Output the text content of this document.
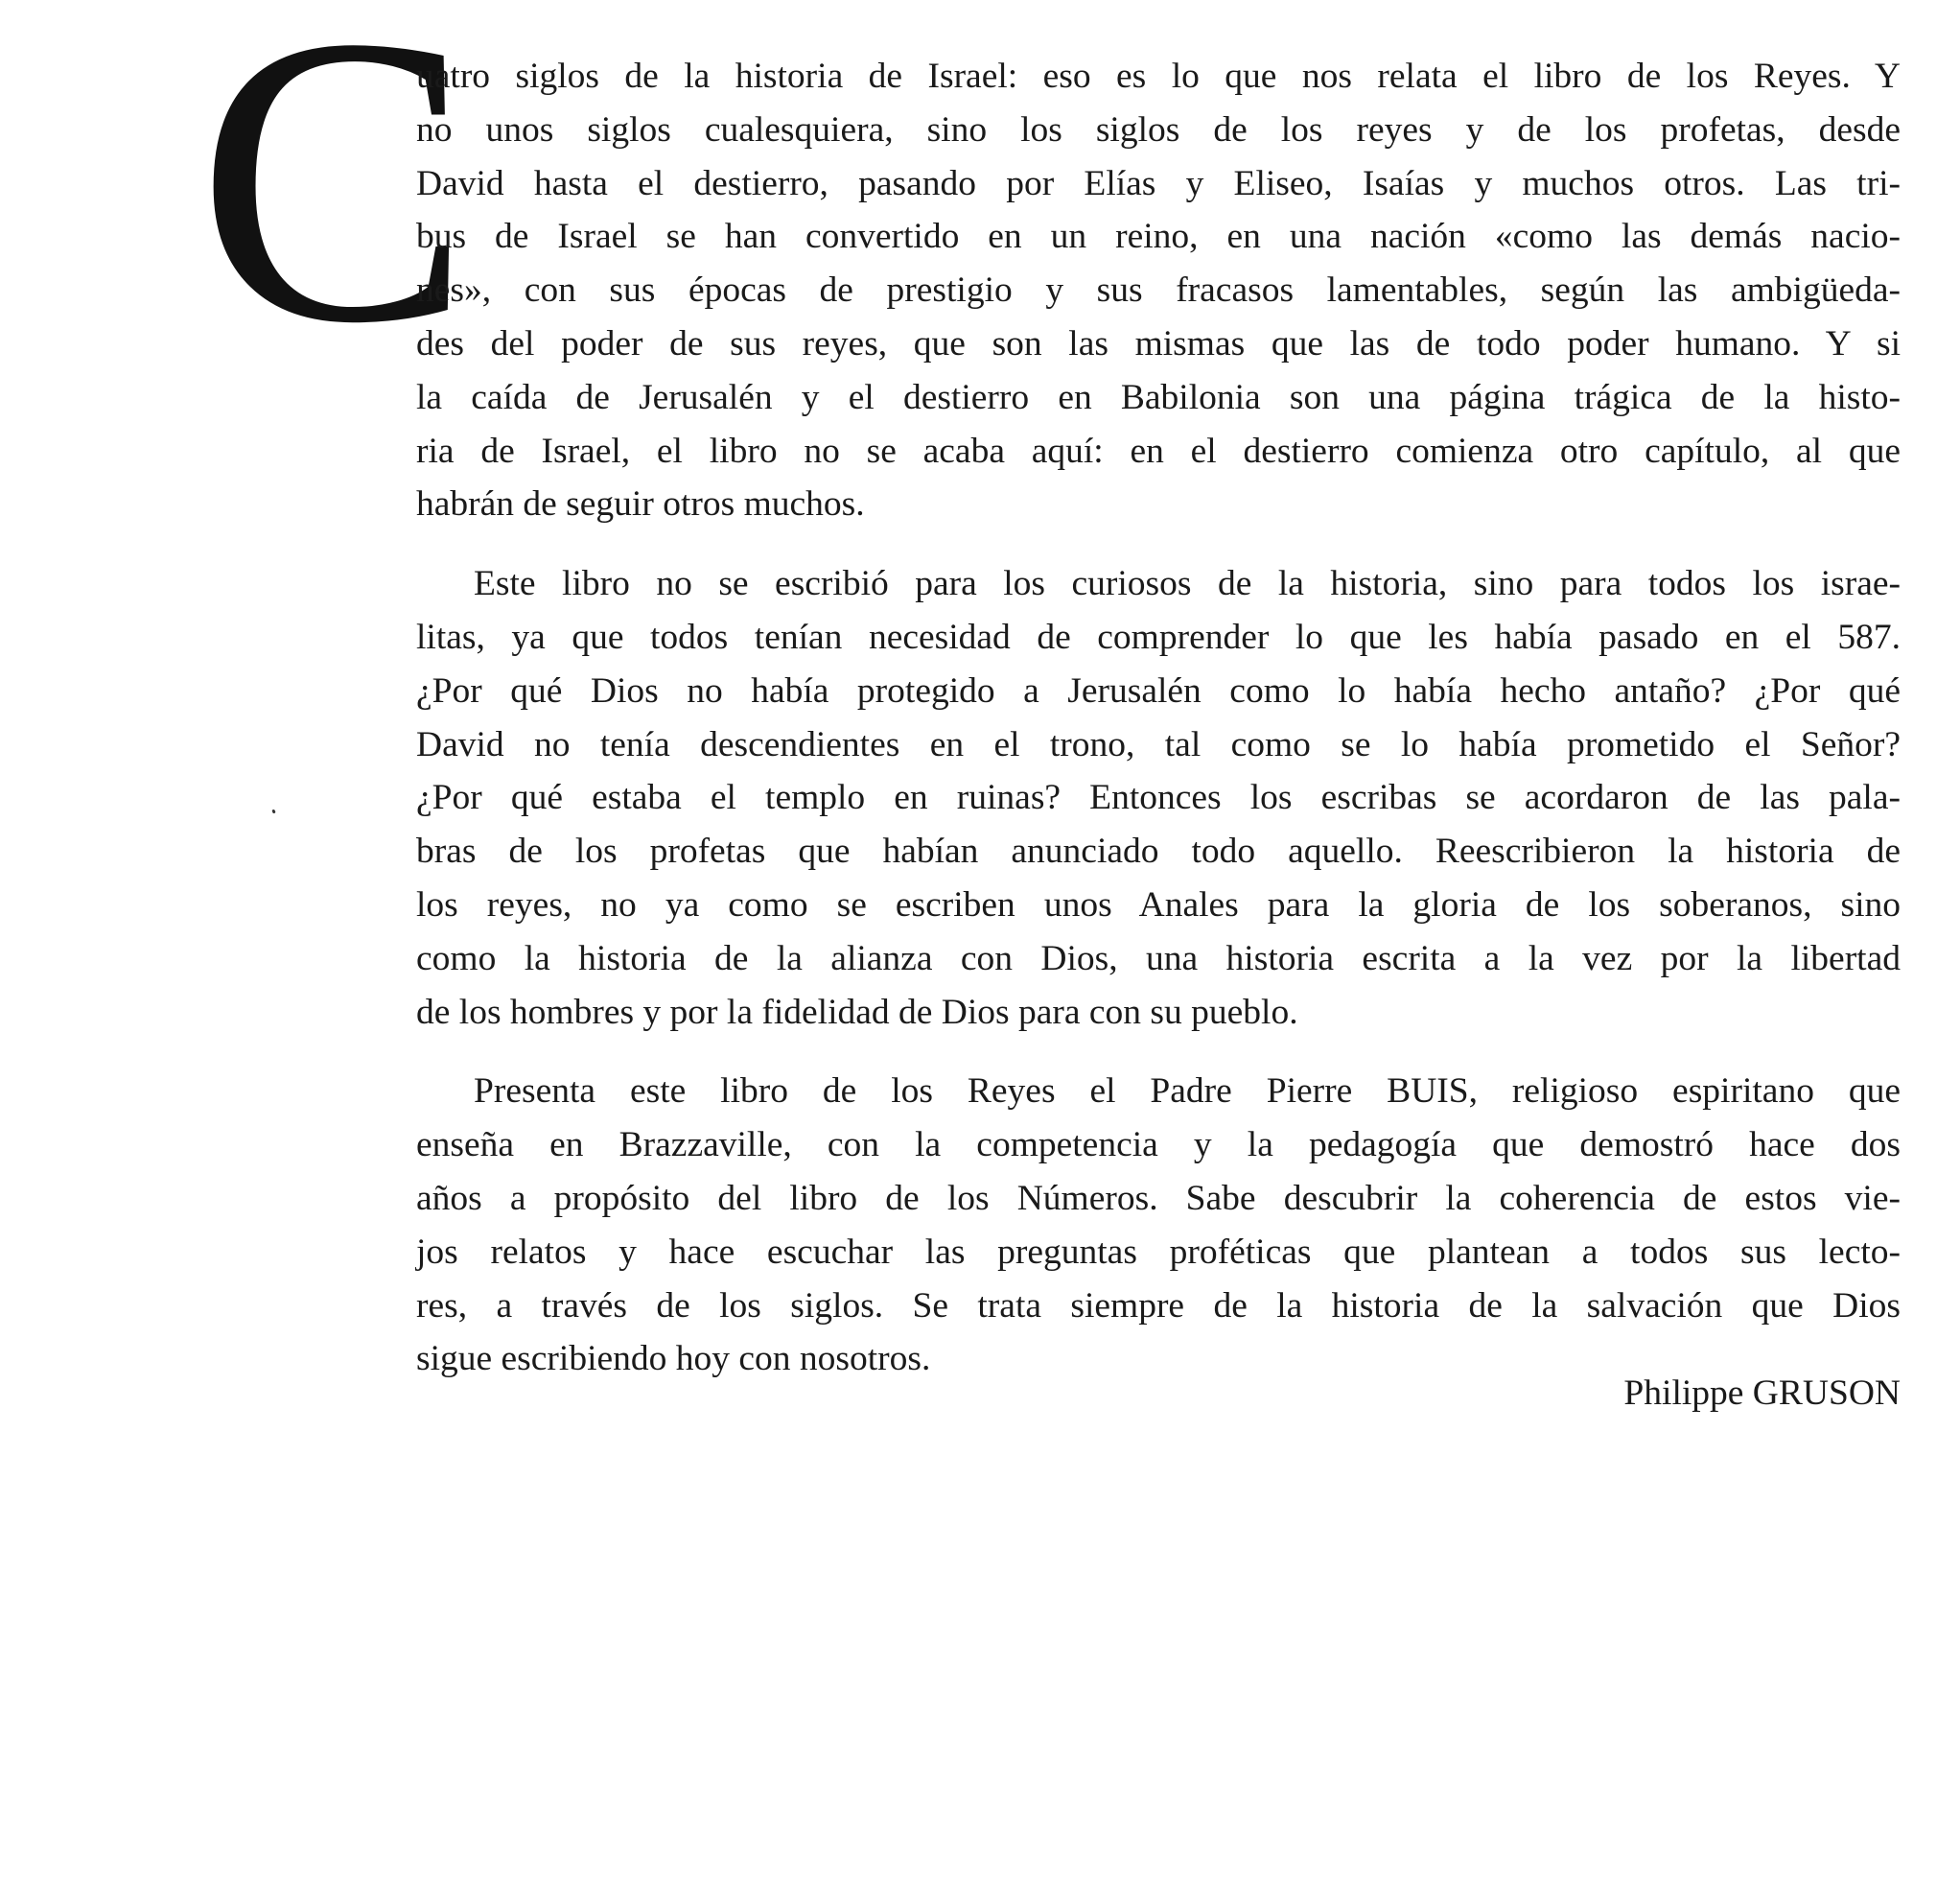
C

uatro siglos de la historia de Israel: eso es lo que nos relata el libro de los Reyes. Y
no unos siglos cualesquiera, sino los siglos de los reyes y de los profetas, desde
David hasta el destierro, pasando por Elías y Eliseo, Isaías y muchos otros. Las tri-
bus de Israel se han convertido en un reino, en una nación «como las demás nacio-
nes», con sus épocas de prestigio y sus fracasos lamentables, según las ambigüeda-
des del poder de sus reyes, que son las mismas que las de todo poder humano. Y si
la caída de Jerusalén y el destierro en Babilonia son una página trágica de la histo-
ria de Israel, el libro no se acaba aquí: en el destierro comienza otro capítulo, al que
habrán de seguir otros muchos.

Este libro no se escribió para los curiosos de la historia, sino para todos los israe-
litas, ya que todos tenían necesidad de comprender lo que les había pasado en el 587.
¿Por qué Dios no había protegido a Jerusalén como lo había hecho antaño? ¿Por qué
David no tenía descendientes en el trono, tal como se lo había prometido el Señor?
¿Por qué estaba el templo en ruinas? Entonces los escribas se acordaron de las pala-
bras de los profetas que habían anunciado todo aquello. Reescribieron la historia de
los reyes, no ya como se escriben unos Anales para la gloria de los soberanos, sino
como la historia de la alianza con Dios, una historia escrita a la vez por la libertad
de los hombres y por la fidelidad de Dios para con su pueblo.

Presenta este libro de los Reyes el Padre Pierre BUIS, religioso espiritano que
enseña en Brazzaville, con la competencia y la pedagogía que demostró hace dos
años a propósito del libro de los Números. Sabe descubrir la coherencia de estos vie-
jos relatos y hace escuchar las preguntas proféticas que plantean a todos sus lecto-
res, a través de los siglos. Se trata siempre de la historia de la salvación que Dios
sigue escribiendo hoy con nosotros.

Philippe GRUSON
